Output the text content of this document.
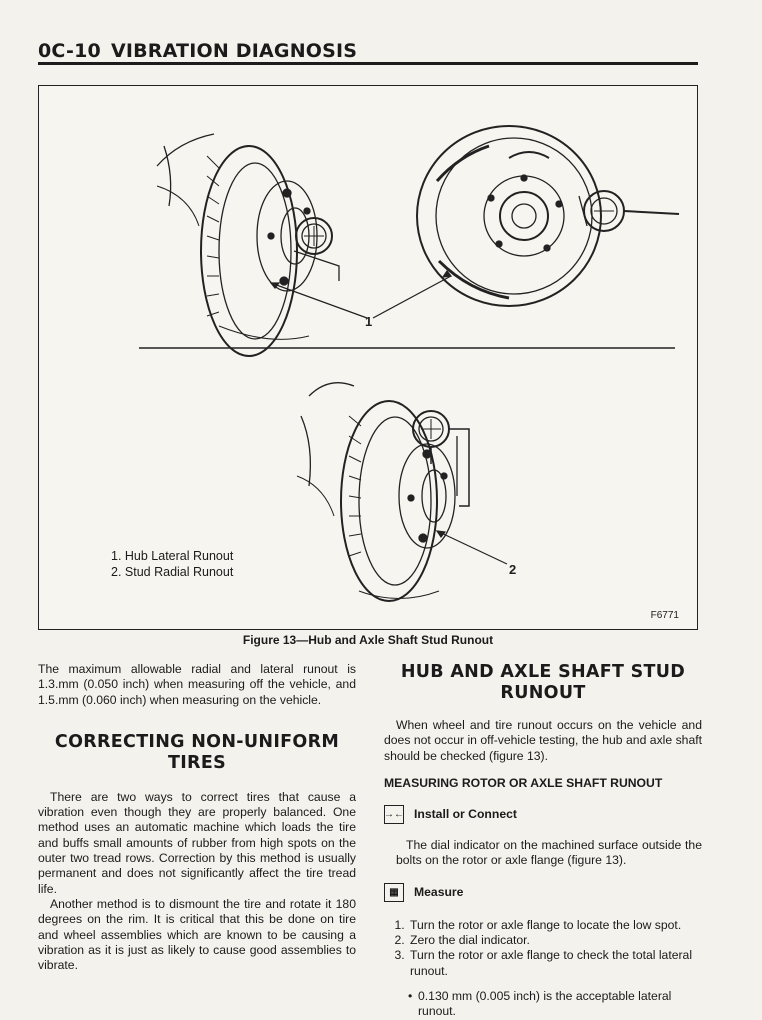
0C-10 VIBRATION DIAGNOSIS
1
2
1. Hub Lateral Runout
2. Stud Radial Runout
F6771
Figure 13—Hub and Axle Shaft Stud Runout

The maximum allowable radial and lateral runout is 1.3.mm (0.050 inch) when measuring off the vehicle, and 1.5.mm (0.060 inch) when measuring on the vehicle.

CORRECTING NON-UNIFORM TIRES

There are two ways to correct tires that cause a vibration even though they are properly balanced. One method uses an automatic machine which loads the tire and buffs small amounts of rubber from high spots on the outer two tread rows. Correction by this method is usually permanent and does not significantly affect the tire tread life.

Another method is to dismount the tire and rotate it 180 degrees on the rim. It is critical that this be done on tire and wheel assemblies which are known to be causing a vibration as it is just as likely to cause good assemblies to vibrate.

HUB AND AXLE SHAFT STUD RUNOUT

When wheel and tire runout occurs on the vehicle and does not occur in off-vehicle testing, the hub and axle shaft should be checked (figure 13).

MEASURING ROTOR OR AXLE SHAFT RUNOUT
→← Install or Connect

The dial indicator on the machined surface outside the bolts on the rotor or axle flange (figure 13).

▦	Measure
1. Turn the rotor or axle flange to locate the low spot.
2. Zero the dial indicator.
3. Turn the rotor or axle flange to check the total lateral runout.
• 0.130 mm (0.005 inch) is the acceptable lateral runout.
